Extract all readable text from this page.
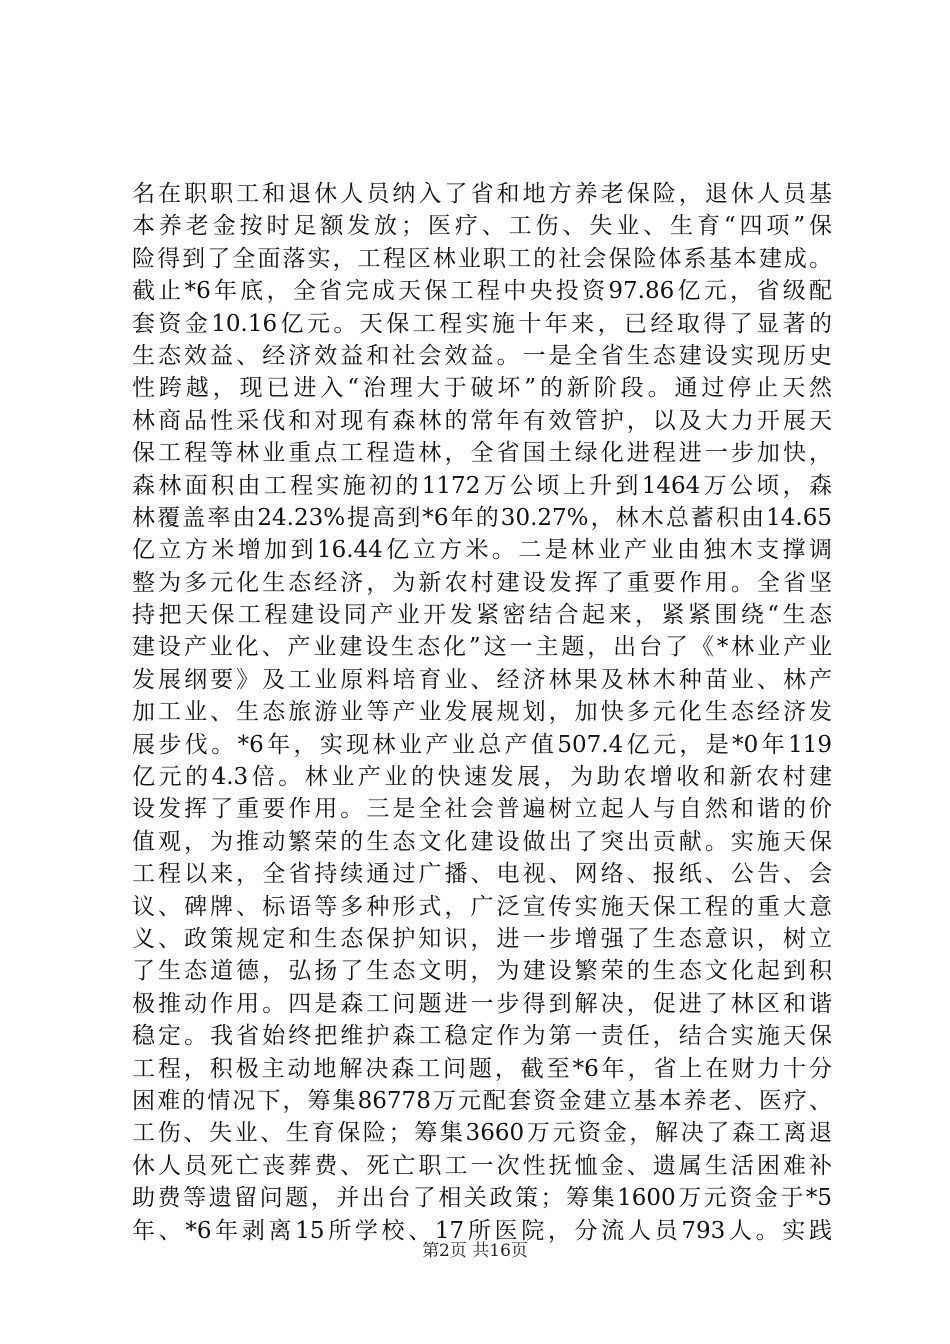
名在职职工和退休人员纳入了省和地方养老保险，退休人员基
本养老金按时足额发放；医疗、工伤、失业、生育“四项”保
险得到了全面落实，工程区林业职工的社会保险体系基本建成。
截止*6年底，全省完成天保工程中央投资97.86亿元，省级配
套资金10.16亿元。天保工程实施十年来，已经取得了显著的
生态效益、经济效益和社会效益。一是全省生态建设实现历史
性跨越，现已进入“治理大于破坏”的新阶段。通过停止天然
林商品性采伐和对现有森林的常年有效管护，以及大力开展天
保工程等林业重点工程造林，全省国土绿化进程进一步加快，
森林面积由工程实施初的1172万公顷上升到1464万公顷，森
林覆盖率由24.23%提高到*6年的30.27%，林木总蓄积由14.65
亿立方米增加到16.44亿立方米。二是林业产业由独木支撑调
整为多元化生态经济，为新农村建设发挥了重要作用。全省坚
持把天保工程建设同产业开发紧密结合起来，紧紧围绕“生态
建设产业化、产业建设生态化”这一主题，出台了《*林业产业
发展纲要》及工业原料培育业、经济林果及林木种苗业、林产
加工业、生态旅游业等产业发展规划，加快多元化生态经济发
展步伐。*6年，实现林业产业总产值507.4亿元，是*0年119
亿元的4.3倍。林业产业的快速发展，为助农增收和新农村建
设发挥了重要作用。三是全社会普遍树立起人与自然和谐的价
值观，为推动繁荣的生态文化建设做出了突出贡献。实施天保
工程以来，全省持续通过广播、电视、网络、报纸、公告、会
议、碑牌、标语等多种形式，广泛宣传实施天保工程的重大意
义、政策规定和生态保护知识，进一步增强了生态意识，树立
了生态道德，弘扬了生态文明，为建设繁荣的生态文化起到积
极推动作用。四是森工问题进一步得到解决，促进了林区和谐
稳定。我省始终把维护森工稳定作为第一责任，结合实施天保
工程，积极主动地解决森工问题，截至*6年，省上在财力十分
困难的情况下，筹集86778万元配套资金建立基本养老、医疗、
工伤、失业、生育保险；筹集3660万元资金，解决了森工离退
休人员死亡丧葬费、死亡职工一次性抚恤金、遗属生活困难补
助费等遗留问题，并出台了相关政策；筹集1600万元资金于*5
年、*6年剥离15所学校、17所医院，分流人员793人。实践
第2页 共16页
